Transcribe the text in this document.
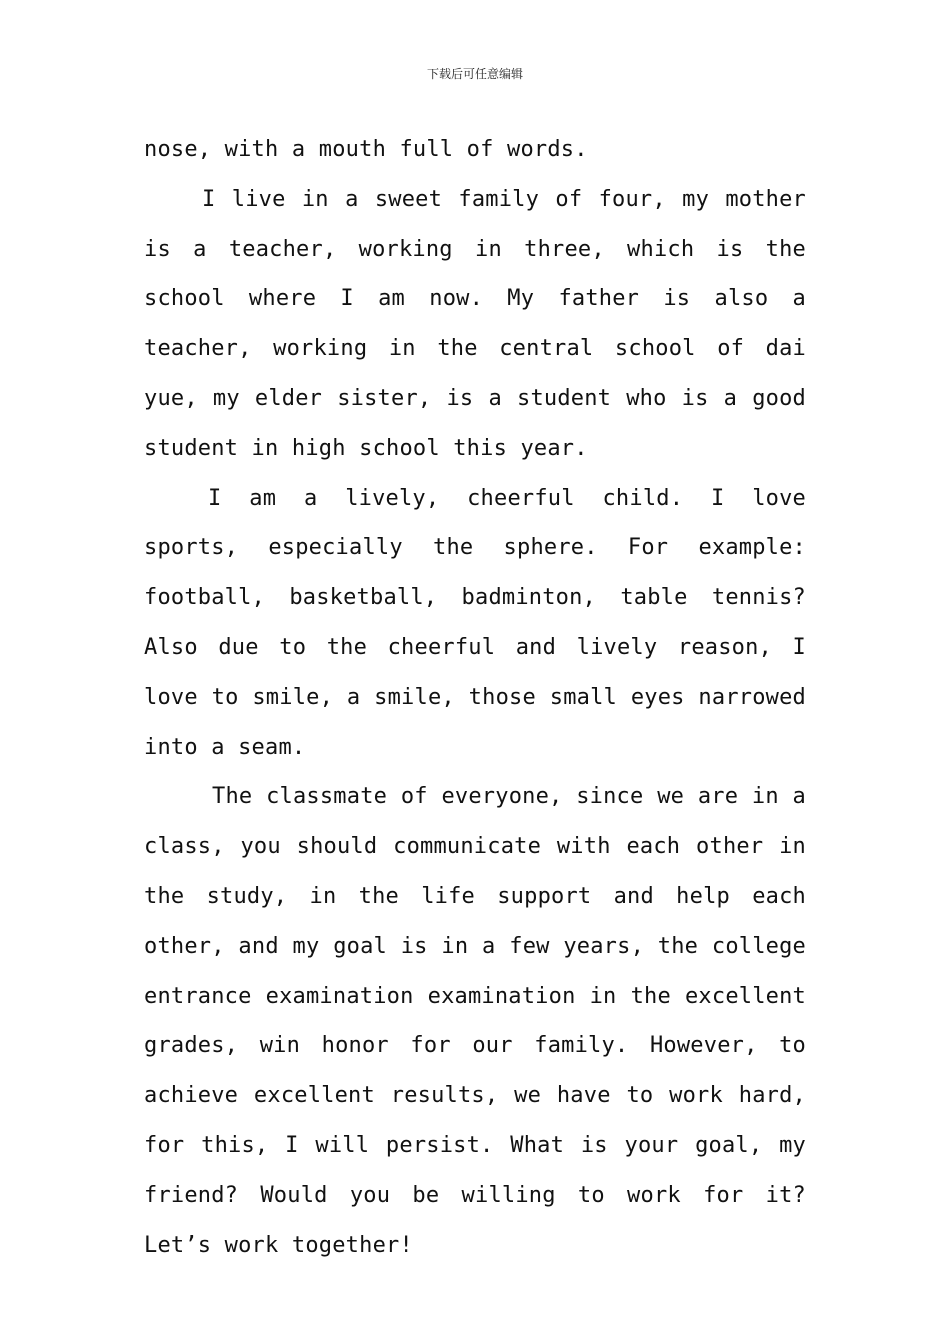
下载后可任意编辑

nose, with a mouth full of words.

I live in a sweet family of four, my mother is a teacher, working in three, which is the school where I am now. My father is also a teacher, working in the central school of dai yue, my elder sister, is a student who is a good student in high school this year.

I am a lively, cheerful child. I love sports, especially the sphere. For example: football, basketball, badminton, table tennis? Also due to the cheerful and lively reason, I love to smile, a smile, those small eyes narrowed into a seam.

The classmate of everyone, since we are in a class, you should communicate with each other in the study, in the life support and help each other, and my goal is in a few years, the college entrance examination examination in the excellent grades, win honor for our family. However, to achieve excellent results, we have to work hard, for this, I will persist. What is your goal, my friend? Would you be willing to work for it? Let’s work together!
